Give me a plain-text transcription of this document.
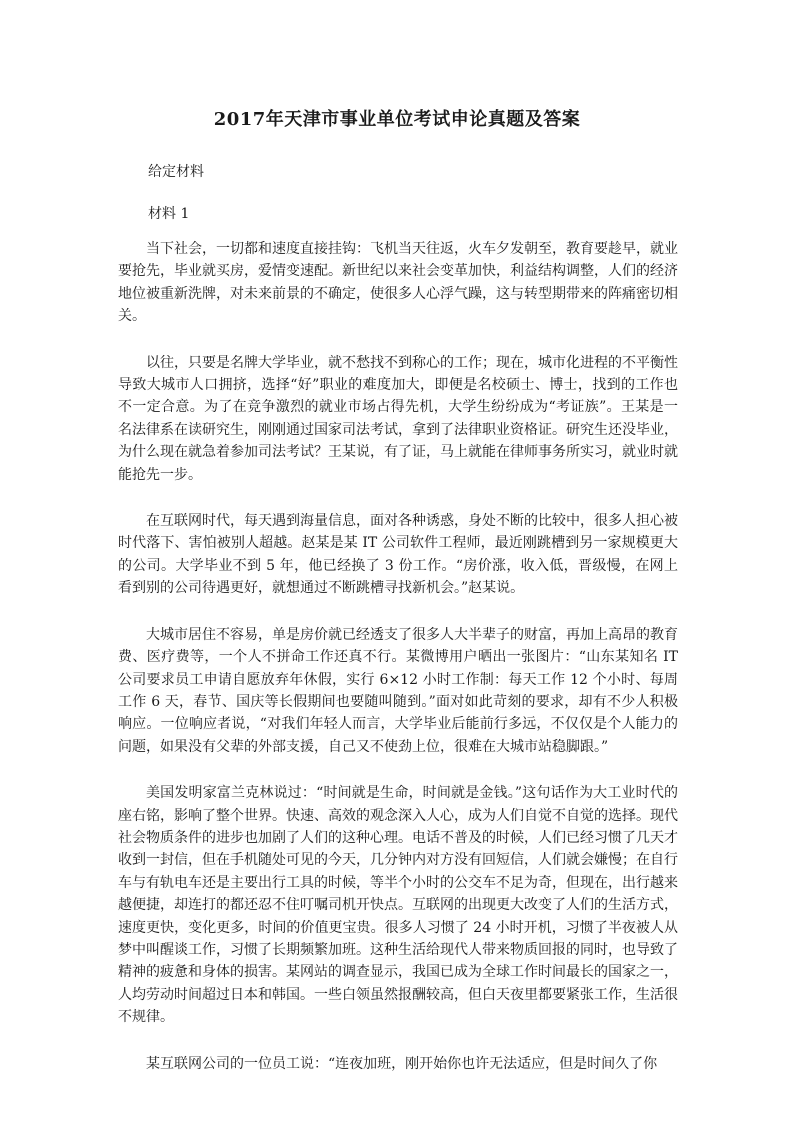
2017年天津市事业单位考试申论真题及答案
给定材料
材料 1

当下社会，一切都和速度直接挂钩：飞机当天往返，火车夕发朝至，教育要趁早，就业要抢先，毕业就买房，爱情变速配。新世纪以来社会变革加快，利益结构调整，人们的经济地位被重新洗牌，对未来前景的不确定，使很多人心浮气躁，这与转型期带来的阵痛密切相关。

以往，只要是名牌大学毕业，就不愁找不到称心的工作；现在，城市化进程的不平衡性导致大城市人口拥挤，选择“好”职业的难度加大，即便是名校硕士、博士，找到的工作也不一定合意。为了在竞争激烈的就业市场占得先机，大学生纷纷成为“考证族”。王某是一名法律系在读研究生，刚刚通过国家司法考试，拿到了法律职业资格证。研究生还没毕业，为什么现在就急着参加司法考试？王某说，有了证，马上就能在律师事务所实习，就业时就能抢先一步。

在互联网时代，每天遇到海量信息，面对各种诱惑，身处不断的比较中，很多人担心被时代落下、害怕被别人超越。赵某是某 IT 公司软件工程师，最近刚跳槽到另一家规模更大的公司。大学毕业不到 5 年，他已经换了 3 份工作。“房价涨，收入低，晋级慢，在网上看到别的公司待遇更好，就想通过不断跳槽寻找新机会。”赵某说。

大城市居住不容易，单是房价就已经透支了很多人大半辈子的财富，再加上高昂的教育费、医疗费等，一个人不拼命工作还真不行。某微博用户晒出一张图片：“山东某知名 IT 公司要求员工申请自愿放弃年休假，实行 6×12 小时工作制：每天工作 12 个小时、每周工作 6 天，春节、国庆等长假期间也要随叫随到。”面对如此苛刻的要求，却有不少人积极响应。一位响应者说，“对我们年轻人而言，大学毕业后能前行多远，不仅仅是个人能力的问题，如果没有父辈的外部支援，自己又不使劲上位，很难在大城市站稳脚跟。”

美国发明家富兰克林说过：“时间就是生命，时间就是金钱。”这句话作为大工业时代的座右铭，影响了整个世界。快速、高效的观念深入人心，成为人们自觉不自觉的选择。现代社会物质条件的进步也加剧了人们的这种心理。电话不普及的时候，人们已经习惯了几天才收到一封信，但在手机随处可见的今天，几分钟内对方没有回短信，人们就会嫌慢；在自行车与有轨电车还是主要出行工具的时候，等半个小时的公交车不足为奇，但现在，出行越来越便捷，却连打的都还忍不住叮嘱司机开快点。互联网的出现更大改变了人们的生活方式，速度更快，变化更多，时间的价值更宝贵。很多人习惯了 24 小时开机，习惯了半夜被人从梦中叫醒谈工作，习惯了长期频繁加班。这种生活给现代人带来物质回报的同时，也导致了精神的疲惫和身体的损害。某网站的调查显示，我国已成为全球工作时间最长的国家之一，人均劳动时间超过日本和韩国。一些白领虽然报酬较高，但白天夜里都要紧张工作，生活很不规律。

某互联网公司的一位员工说：“连夜加班，刚开始你也许无法适应，但是时间久了你
